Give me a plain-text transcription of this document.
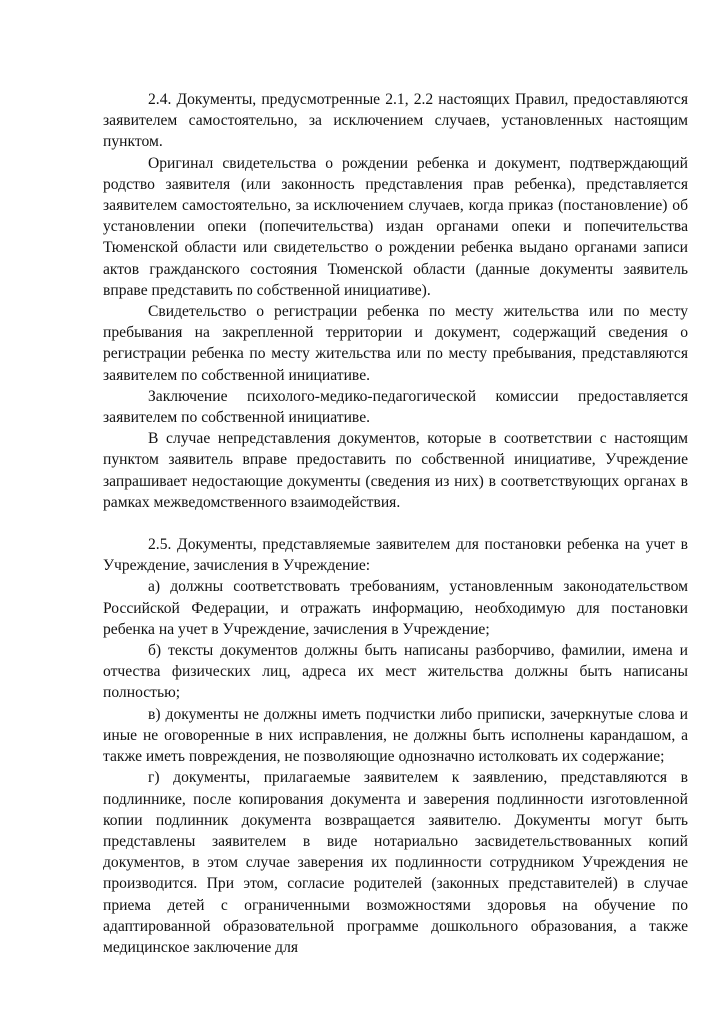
2.4. Документы, предусмотренные 2.1, 2.2 настоящих Правил, предоставляются заявителем самостоятельно, за исключением случаев, установленных настоящим пунктом.

Оригинал свидетельства о рождении ребенка и документ, подтверждающий родство заявителя (или законность представления прав ребенка), представляется заявителем самостоятельно, за исключением случаев, когда приказ (постановление) об установлении опеки (попечительства) издан органами опеки и попечительства Тюменской области или свидетельство о рождении ребенка выдано органами записи актов гражданского состояния Тюменской области (данные документы заявитель вправе представить по собственной инициативе).

Свидетельство о регистрации ребенка по месту жительства или по месту пребывания на закрепленной территории и документ, содержащий сведения о регистрации ребенка по месту жительства или по месту пребывания, представляются заявителем по собственной инициативе.

Заключение психолого-медико-педагогической комиссии предоставляется заявителем по собственной инициативе.

В случае непредставления документов, которые в соответствии с настоящим пунктом заявитель вправе предоставить по собственной инициативе, Учреждение запрашивает недостающие документы (сведения из них) в соответствующих органах в рамках межведомственного взаимодействия.

2.5. Документы, представляемые заявителем для постановки ребенка на учет в Учреждение, зачисления в Учреждение:

а) должны соответствовать требованиям, установленным законодательством Российской Федерации, и отражать информацию, необходимую для постановки ребенка на учет в Учреждение, зачисления в Учреждение;

б) тексты документов должны быть написаны разборчиво, фамилии, имена и отчества физических лиц, адреса их мест жительства должны быть написаны полностью;

в) документы не должны иметь подчистки либо приписки, зачеркнутые слова и иные не оговоренные в них исправления, не должны быть исполнены карандашом, а также иметь повреждения, не позволяющие однозначно истолковать их содержание;

г) документы, прилагаемые заявителем к заявлению, представляются в подлиннике, после копирования документа и заверения подлинности изготовленной копии подлинник документа возвращается заявителю. Документы могут быть представлены заявителем в виде нотариально засвидетельствованных копий документов, в этом случае заверения их подлинности сотрудником Учреждения не производится. При этом, согласие родителей (законных представителей) в случае приема детей с ограниченными возможностями здоровья на обучение по адаптированной образовательной программе дошкольного образования, а также медицинское заключение для
